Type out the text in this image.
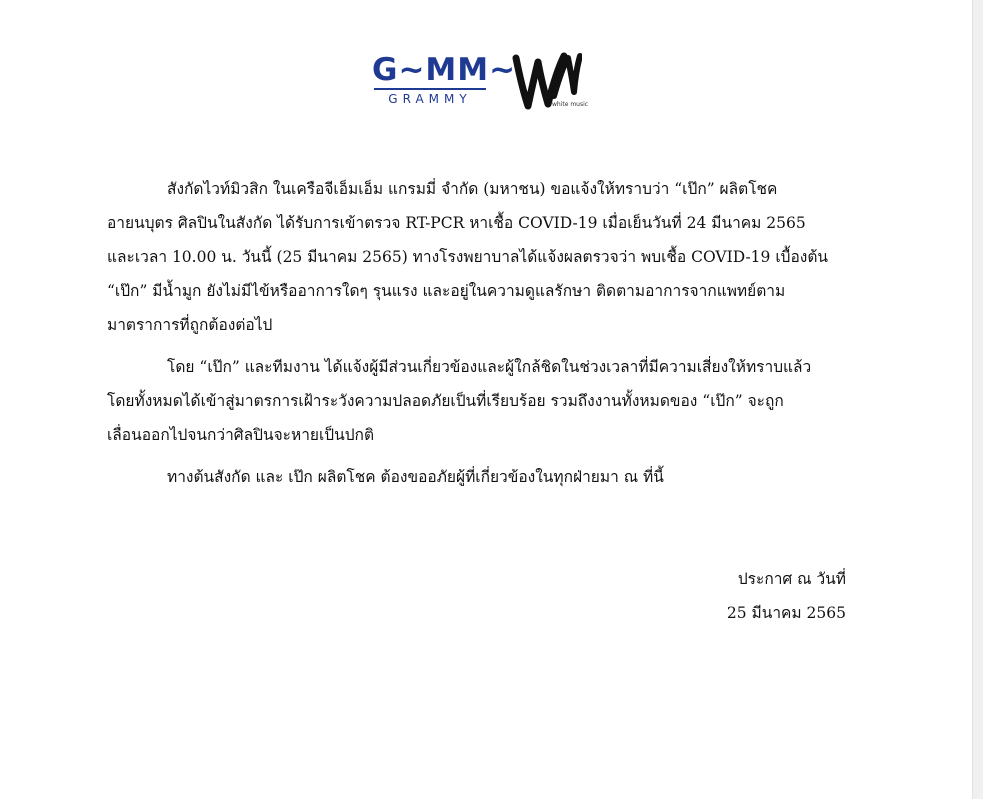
G~MM~
GRAMMY	white music

สังกัดไวท์มิวสิก ในเครือจีเอ็มเอ็ม แกรมมี่ จำกัด (มหาชน) ขอแจ้งให้ทราบว่า “เป๊ก” ผลิตโชค
อายนบุตร ศิลปินในสังกัด ได้รับการเข้าตรวจ RT-PCR หาเชื้อ COVID-19 เมื่อเย็นวันที่ 24 มีนาคม 2565
และเวลา 10.00 น. วันนี้ (25 มีนาคม 2565) ทางโรงพยาบาลได้แจ้งผลตรวจว่า พบเชื้อ COVID-19 เบื้องต้น
“เป๊ก” มีน้ำมูก ยังไม่มีไข้หรืออาการใดๆ รุนแรง และอยู่ในความดูแลรักษา ติดตามอาการจากแพทย์ตาม
มาตราการที่ถูกต้องต่อไป

โดย “เป๊ก” และทีมงาน ได้แจ้งผู้มีส่วนเกี่ยวข้องและผู้ใกล้ชิดในช่วงเวลาที่มีความเสี่ยงให้ทราบแล้ว
โดยทั้งหมดได้เข้าสู่มาตรการเฝ้าระวังความปลอดภัยเป็นที่เรียบร้อย รวมถึงงานทั้งหมดของ “เป๊ก” จะถูก
เลื่อนออกไปจนกว่าศิลปินจะหายเป็นปกติ

ทางต้นสังกัด และ เป๊ก ผลิตโชค ต้องขออภัยผู้ที่เกี่ยวข้องในทุกฝ่ายมา ณ ที่นี้

ประกาศ ณ วันที่
25 มีนาคม 2565
